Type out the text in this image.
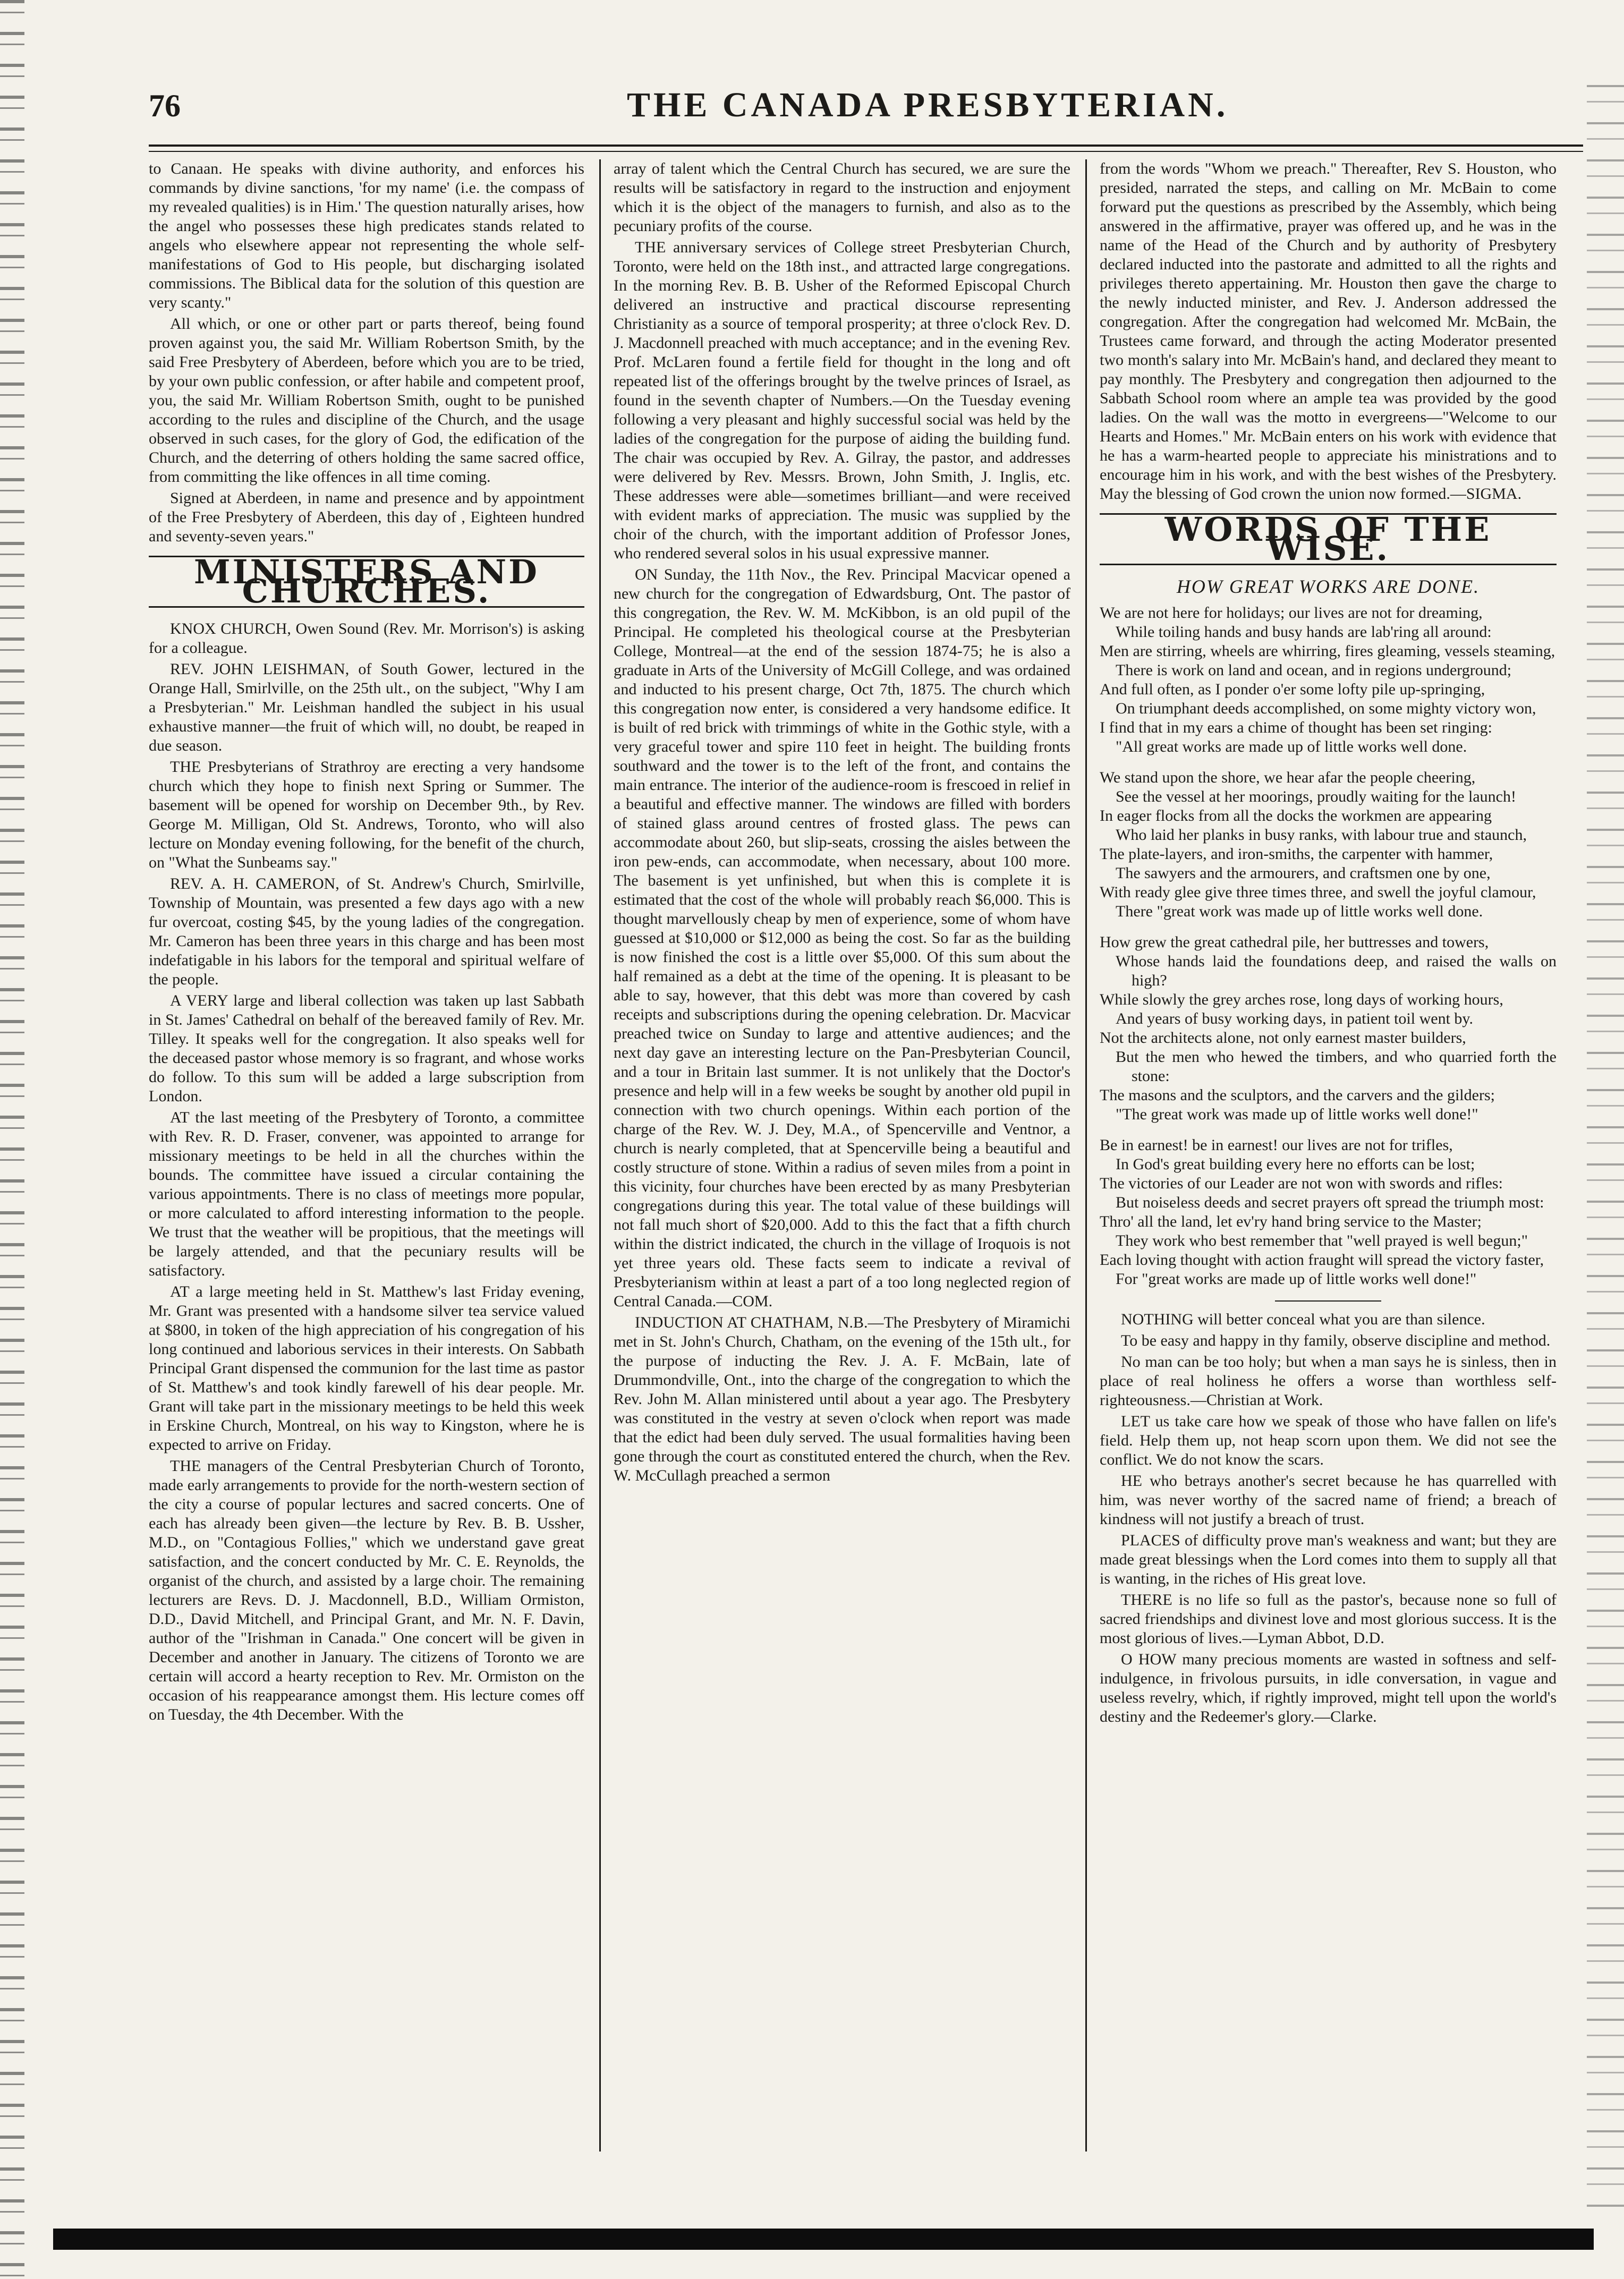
76	THE CANADA PRESBYTERIAN.

to Canaan. He speaks with divine authority, and enforces his commands by divine sanctions, 'for my name' (i.e. the compass of my revealed qualities) is in Him.' The question naturally arises, how the angel who possesses these high predicates stands related to angels who elsewhere appear not representing the whole self-manifestations of God to His people, but discharging isolated commissions. The Biblical data for the solution of this question are very scanty."

All which, or one or other part or parts thereof, being found proven against you, the said Mr. William Robertson Smith, by the said Free Presbytery of Aberdeen, before which you are to be tried, by your own public confession, or after habile and competent proof, you, the said Mr. William Robertson Smith, ought to be punished according to the rules and discipline of the Church, and the usage observed in such cases, for the glory of God, the edification of the Church, and the deterring of others holding the same sacred office, from committing the like offences in all time coming.

Signed at Aberdeen, in name and presence and by appointment of the Free Presbytery of Aberdeen, this day of , Eighteen hundred and seventy-seven years."

MINISTERS AND CHURCHES.

KNOX CHURCH, Owen Sound (Rev. Mr. Morrison's) is asking for a colleague.

REV. JOHN LEISHMAN, of South Gower, lectured in the Orange Hall, Smirlville, on the 25th ult., on the subject, "Why I am a Presbyterian." Mr. Leishman handled the subject in his usual exhaustive manner—the fruit of which will, no doubt, be reaped in due season.

THE Presbyterians of Strathroy are erecting a very handsome church which they hope to finish next Spring or Summer. The basement will be opened for worship on December 9th., by Rev. George M. Milligan, Old St. Andrews, Toronto, who will also lecture on Monday evening following, for the benefit of the church, on "What the Sunbeams say."

REV. A. H. CAMERON, of St. Andrew's Church, Smirlville, Township of Mountain, was presented a few days ago with a new fur overcoat, costing $45, by the young ladies of the congregation. Mr. Cameron has been three years in this charge and has been most indefatigable in his labors for the temporal and spiritual welfare of the people.

A VERY large and liberal collection was taken up last Sabbath in St. James' Cathedral on behalf of the bereaved family of Rev. Mr. Tilley. It speaks well for the congregation. It also speaks well for the deceased pastor whose memory is so fragrant, and whose works do follow. To this sum will be added a large subscription from London.

AT the last meeting of the Presbytery of Toronto, a committee with Rev. R. D. Fraser, convener, was appointed to arrange for missionary meetings to be held in all the churches within the bounds. The committee have issued a circular containing the various appointments. There is no class of meetings more popular, or more calculated to afford interesting information to the people. We trust that the weather will be propitious, that the meetings will be largely attended, and that the pecuniary results will be satisfactory.

AT a large meeting held in St. Matthew's last Friday evening, Mr. Grant was presented with a handsome silver tea service valued at $800, in token of the high appreciation of his congregation of his long continued and laborious services in their interests. On Sabbath Principal Grant dispensed the communion for the last time as pastor of St. Matthew's and took kindly farewell of his dear people. Mr. Grant will take part in the missionary meetings to be held this week in Erskine Church, Montreal, on his way to Kingston, where he is expected to arrive on Friday.

THE managers of the Central Presbyterian Church of Toronto, made early arrangements to provide for the north-western section of the city a course of popular lectures and sacred concerts. One of each has already been given—the lecture by Rev. B. B. Ussher, M.D., on "Contagious Follies," which we understand gave great satisfaction, and the concert conducted by Mr. C. E. Reynolds, the organist of the church, and assisted by a large choir. The remaining lecturers are Revs. D. J. Macdonnell, B.D., William Ormiston, D.D., David Mitchell, and Principal Grant, and Mr. N. F. Davin, author of the "Irishman in Canada." One concert will be given in December and another in January. The citizens of Toronto we are certain will accord a hearty reception to Rev. Mr. Ormiston on the occasion of his reappearance amongst them. His lecture comes off on Tuesday, the 4th December. With the

array of talent which the Central Church has secured, we are sure the results will be satisfactory in regard to the instruction and enjoyment which it is the object of the managers to furnish, and also as to the pecuniary profits of the course.

THE anniversary services of College street Presbyterian Church, Toronto, were held on the 18th inst., and attracted large congregations. In the morning Rev. B. B. Usher of the Reformed Episcopal Church delivered an instructive and practical discourse representing Christianity as a source of temporal prosperity; at three o'clock Rev. D. J. Macdonnell preached with much acceptance; and in the evening Rev. Prof. McLaren found a fertile field for thought in the long and oft repeated list of the offerings brought by the twelve princes of Israel, as found in the seventh chapter of Numbers.—On the Tuesday evening following a very pleasant and highly successful social was held by the ladies of the congregation for the purpose of aiding the building fund. The chair was occupied by Rev. A. Gilray, the pastor, and addresses were delivered by Rev. Messrs. Brown, John Smith, J. Inglis, etc. These addresses were able—sometimes brilliant—and were received with evident marks of appreciation. The music was supplied by the choir of the church, with the important addition of Professor Jones, who rendered several solos in his usual expressive manner.

ON Sunday, the 11th Nov., the Rev. Principal Macvicar opened a new church for the congregation of Edwardsburg, Ont. The pastor of this congregation, the Rev. W. M. McKibbon, is an old pupil of the Principal. He completed his theological course at the Presbyterian College, Montreal—at the end of the session 1874-75; he is also a graduate in Arts of the University of McGill College, and was ordained and inducted to his present charge, Oct 7th, 1875. The church which this congregation now enter, is considered a very handsome edifice. It is built of red brick with trimmings of white in the Gothic style, with a very graceful tower and spire 110 feet in height. The building fronts southward and the tower is to the left of the front, and contains the main entrance. The interior of the audience-room is frescoed in relief in a beautiful and effective manner. The windows are filled with borders of stained glass around centres of frosted glass. The pews can accommodate about 260, but slip-seats, crossing the aisles between the iron pew-ends, can accommodate, when necessary, about 100 more. The basement is yet unfinished, but when this is complete it is estimated that the cost of the whole will probably reach $6,000. This is thought marvellously cheap by men of experience, some of whom have guessed at $10,000 or $12,000 as being the cost. So far as the building is now finished the cost is a little over $5,000. Of this sum about the half remained as a debt at the time of the opening. It is pleasant to be able to say, however, that this debt was more than covered by cash receipts and subscriptions during the opening celebration. Dr. Macvicar preached twice on Sunday to large and attentive audiences; and the next day gave an interesting lecture on the Pan-Presbyterian Council, and a tour in Britain last summer. It is not unlikely that the Doctor's presence and help will in a few weeks be sought by another old pupil in connection with two church openings. Within each portion of the charge of the Rev. W. J. Dey, M.A., of Spencerville and Ventnor, a church is nearly completed, that at Spencerville being a beautiful and costly structure of stone. Within a radius of seven miles from a point in this vicinity, four churches have been erected by as many Presbyterian congregations during this year. The total value of these buildings will not fall much short of $20,000. Add to this the fact that a fifth church within the district indicated, the church in the village of Iroquois is not yet three years old. These facts seem to indicate a revival of Presbyterianism within at least a part of a too long neglected region of Central Canada.—COM.

INDUCTION AT CHATHAM, N.B.—The Presbytery of Miramichi met in St. John's Church, Chatham, on the evening of the 15th ult., for the purpose of inducting the Rev. J. A. F. McBain, late of Drummondville, Ont., into the charge of the congregation to which the Rev. John M. Allan ministered until about a year ago. The Presbytery was constituted in the vestry at seven o'clock when report was made that the edict had been duly served. The usual formalities having been gone through the court as constituted entered the church, when the Rev. W. McCullagh preached a sermon

from the words "Whom we preach." Thereafter, Rev S. Houston, who presided, narrated the steps, and calling on Mr. McBain to come forward put the questions as prescribed by the Assembly, which being answered in the affirmative, prayer was offered up, and he was in the name of the Head of the Church and by authority of Presbytery declared inducted into the pastorate and admitted to all the rights and privileges thereto appertaining. Mr. Houston then gave the charge to the newly inducted minister, and Rev. J. Anderson addressed the congregation. After the congregation had welcomed Mr. McBain, the Trustees came forward, and through the acting Moderator presented two month's salary into Mr. McBain's hand, and declared they meant to pay monthly. The Presbytery and congregation then adjourned to the Sabbath School room where an ample tea was provided by the good ladies. On the wall was the motto in evergreens—"Welcome to our Hearts and Homes." Mr. McBain enters on his work with evidence that he has a warm-hearted people to appreciate his ministrations and to encourage him in his work, and with the best wishes of the Presbytery. May the blessing of God crown the union now formed.—SIGMA.

WORDS OF THE WISE.
HOW GREAT WORKS ARE DONE.
We are not here for holidays; our lives are not for dreaming,
While toiling hands and busy hands are lab'ring all around:
Men are stirring, wheels are whirring, fires gleaming, vessels steaming,
There is work on land and ocean, and in regions underground;
And full often, as I ponder o'er some lofty pile up-springing,
On triumphant deeds accomplished, on some mighty victory won,
I find that in my ears a chime of thought has been set ringing:
"All great works are made up of little works well done.
We stand upon the shore, we hear afar the people cheering,
See the vessel at her moorings, proudly waiting for the launch!
In eager flocks from all the docks the workmen are appearing
Who laid her planks in busy ranks, with labour true and staunch,
The plate-layers, and iron-smiths, the carpenter with hammer,
The sawyers and the armourers, and craftsmen one by one,
With ready glee give three times three, and swell the joyful clamour,
There "great work was made up of little works well done.
How grew the great cathedral pile, her buttresses and towers,
Whose hands laid the foundations deep, and raised the walls on high?
While slowly the grey arches rose, long days of working hours,
And years of busy working days, in patient toil went by.
Not the architects alone, not only earnest master builders,
But the men who hewed the timbers, and who quarried forth the stone:
The masons and the sculptors, and the carvers and the gilders;
"The great work was made up of little works well done!"
Be in earnest! be in earnest! our lives are not for trifles,
In God's great building every here no efforts can be lost;
The victories of our Leader are not won with swords and rifles:
But noiseless deeds and secret prayers oft spread the triumph most:
Thro' all the land, let ev'ry hand bring service to the Master;
They work who best remember that "well prayed is well begun;"
Each loving thought with action fraught will spread the victory faster,
For "great works are made up of little works well done!"

NOTHING will better conceal what you are than silence.

To be easy and happy in thy family, observe discipline and method.

No man can be too holy; but when a man says he is sinless, then in place of real holiness he offers a worse than worthless self-righteousness.—Christian at Work.

LET us take care how we speak of those who have fallen on life's field. Help them up, not heap scorn upon them. We did not see the conflict. We do not know the scars.

HE who betrays another's secret because he has quarrelled with him, was never worthy of the sacred name of friend; a breach of kindness will not justify a breach of trust.

PLACES of difficulty prove man's weakness and want; but they are made great blessings when the Lord comes into them to supply all that is wanting, in the riches of His great love.

THERE is no life so full as the pastor's, because none so full of sacred friendships and divinest love and most glorious success. It is the most glorious of lives.—Lyman Abbot, D.D.

O HOW many precious moments are wasted in softness and self-indulgence, in frivolous pursuits, in idle conversation, in vague and useless revelry, which, if rightly improved, might tell upon the world's destiny and the Redeemer's glory.—Clarke.
